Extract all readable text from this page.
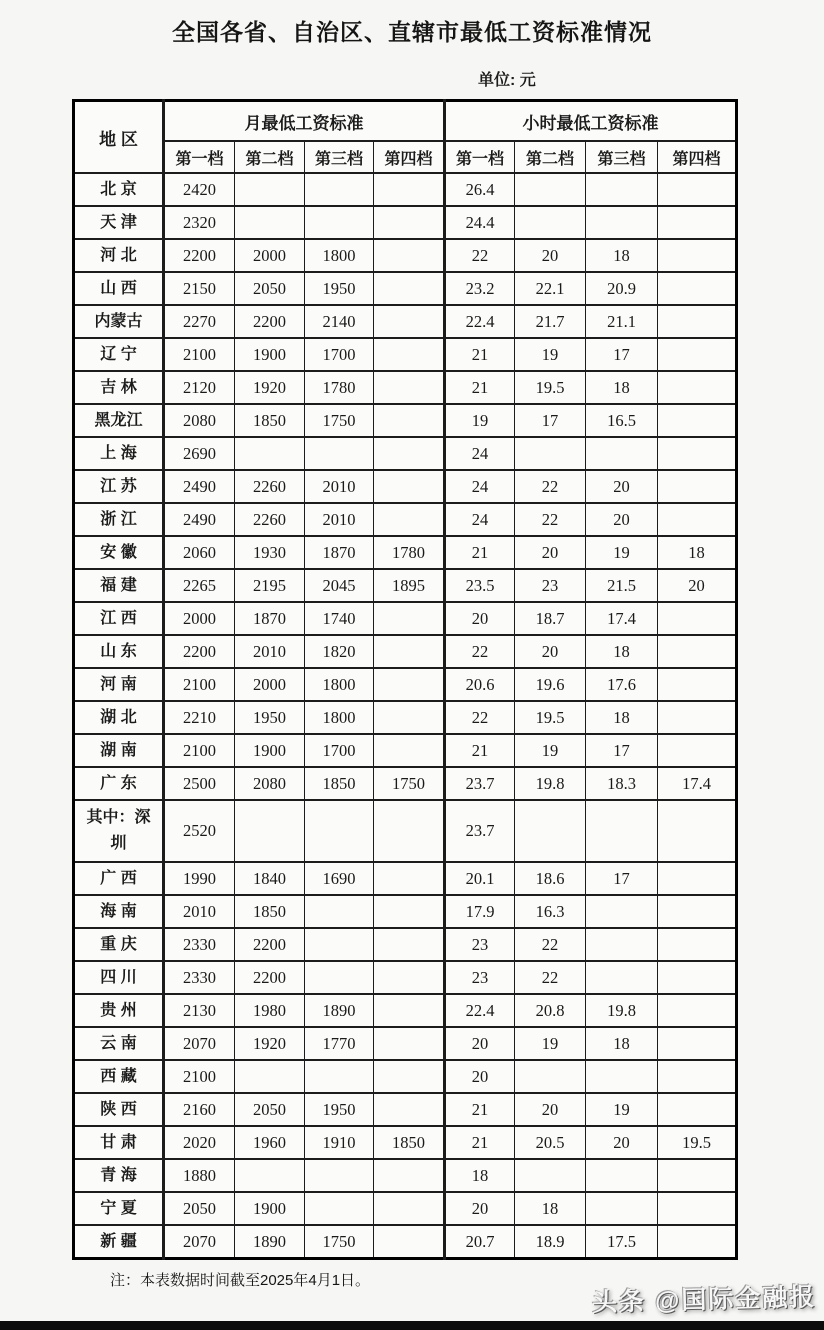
全国各省、自治区、直辖市最低工资标准情况
单位: 元
地 区	月最低工资标准				小时最低工资标准			
	第一档	第二档	第三档	第四档	第一档	第二档	第三档	第四档
北 京	2420				26.4			
天 津	2320				24.4			
河 北	2200	2000	1800		22	20	18	
山 西	2150	2050	1950		23.2	22.1	20.9	
内蒙古	2270	2200	2140		22.4	21.7	21.1	
辽 宁	2100	1900	1700		21	19	17	
吉 林	2120	1920	1780		21	19.5	18	
黑龙江	2080	1850	1750		19	17	16.5	
上 海	2690				24			
江 苏	2490	2260	2010		24	22	20	
浙 江	2490	2260	2010		24	22	20	
安 徽	2060	1930	1870	1780	21	20	19	18
福 建	2265	2195	2045	1895	23.5	23	21.5	20
江 西	2000	1870	1740		20	18.7	17.4	
山 东	2200	2010	1820		22	20	18	
河 南	2100	2000	1800		20.6	19.6	17.6	
湖 北	2210	1950	1800		22	19.5	18	
湖 南	2100	1900	1700		21	19	17	
广 东	2500	2080	1850	1750	23.7	19.8	18.3	17.4
其中：深圳	2520				23.7			
广 西	1990	1840	1690		20.1	18.6	17	
海 南	2010	1850			17.9	16.3		
重 庆	2330	2200			23	22		
四 川	2330	2200			23	22		
贵 州	2130	1980	1890		22.4	20.8	19.8	
云 南	2070	1920	1770		20	19	18	
西 藏	2100				20			
陕 西	2160	2050	1950		21	20	19	
甘 肃	2020	1960	1910	1850	21	20.5	20	19.5
青 海	1880				18			
宁 夏	2050	1900			20	18		
新 疆	2070	1890	1750		20.7	18.9	17.5	
注：本表数据时间截至2025年4月1日。
头条 @国际金融报
